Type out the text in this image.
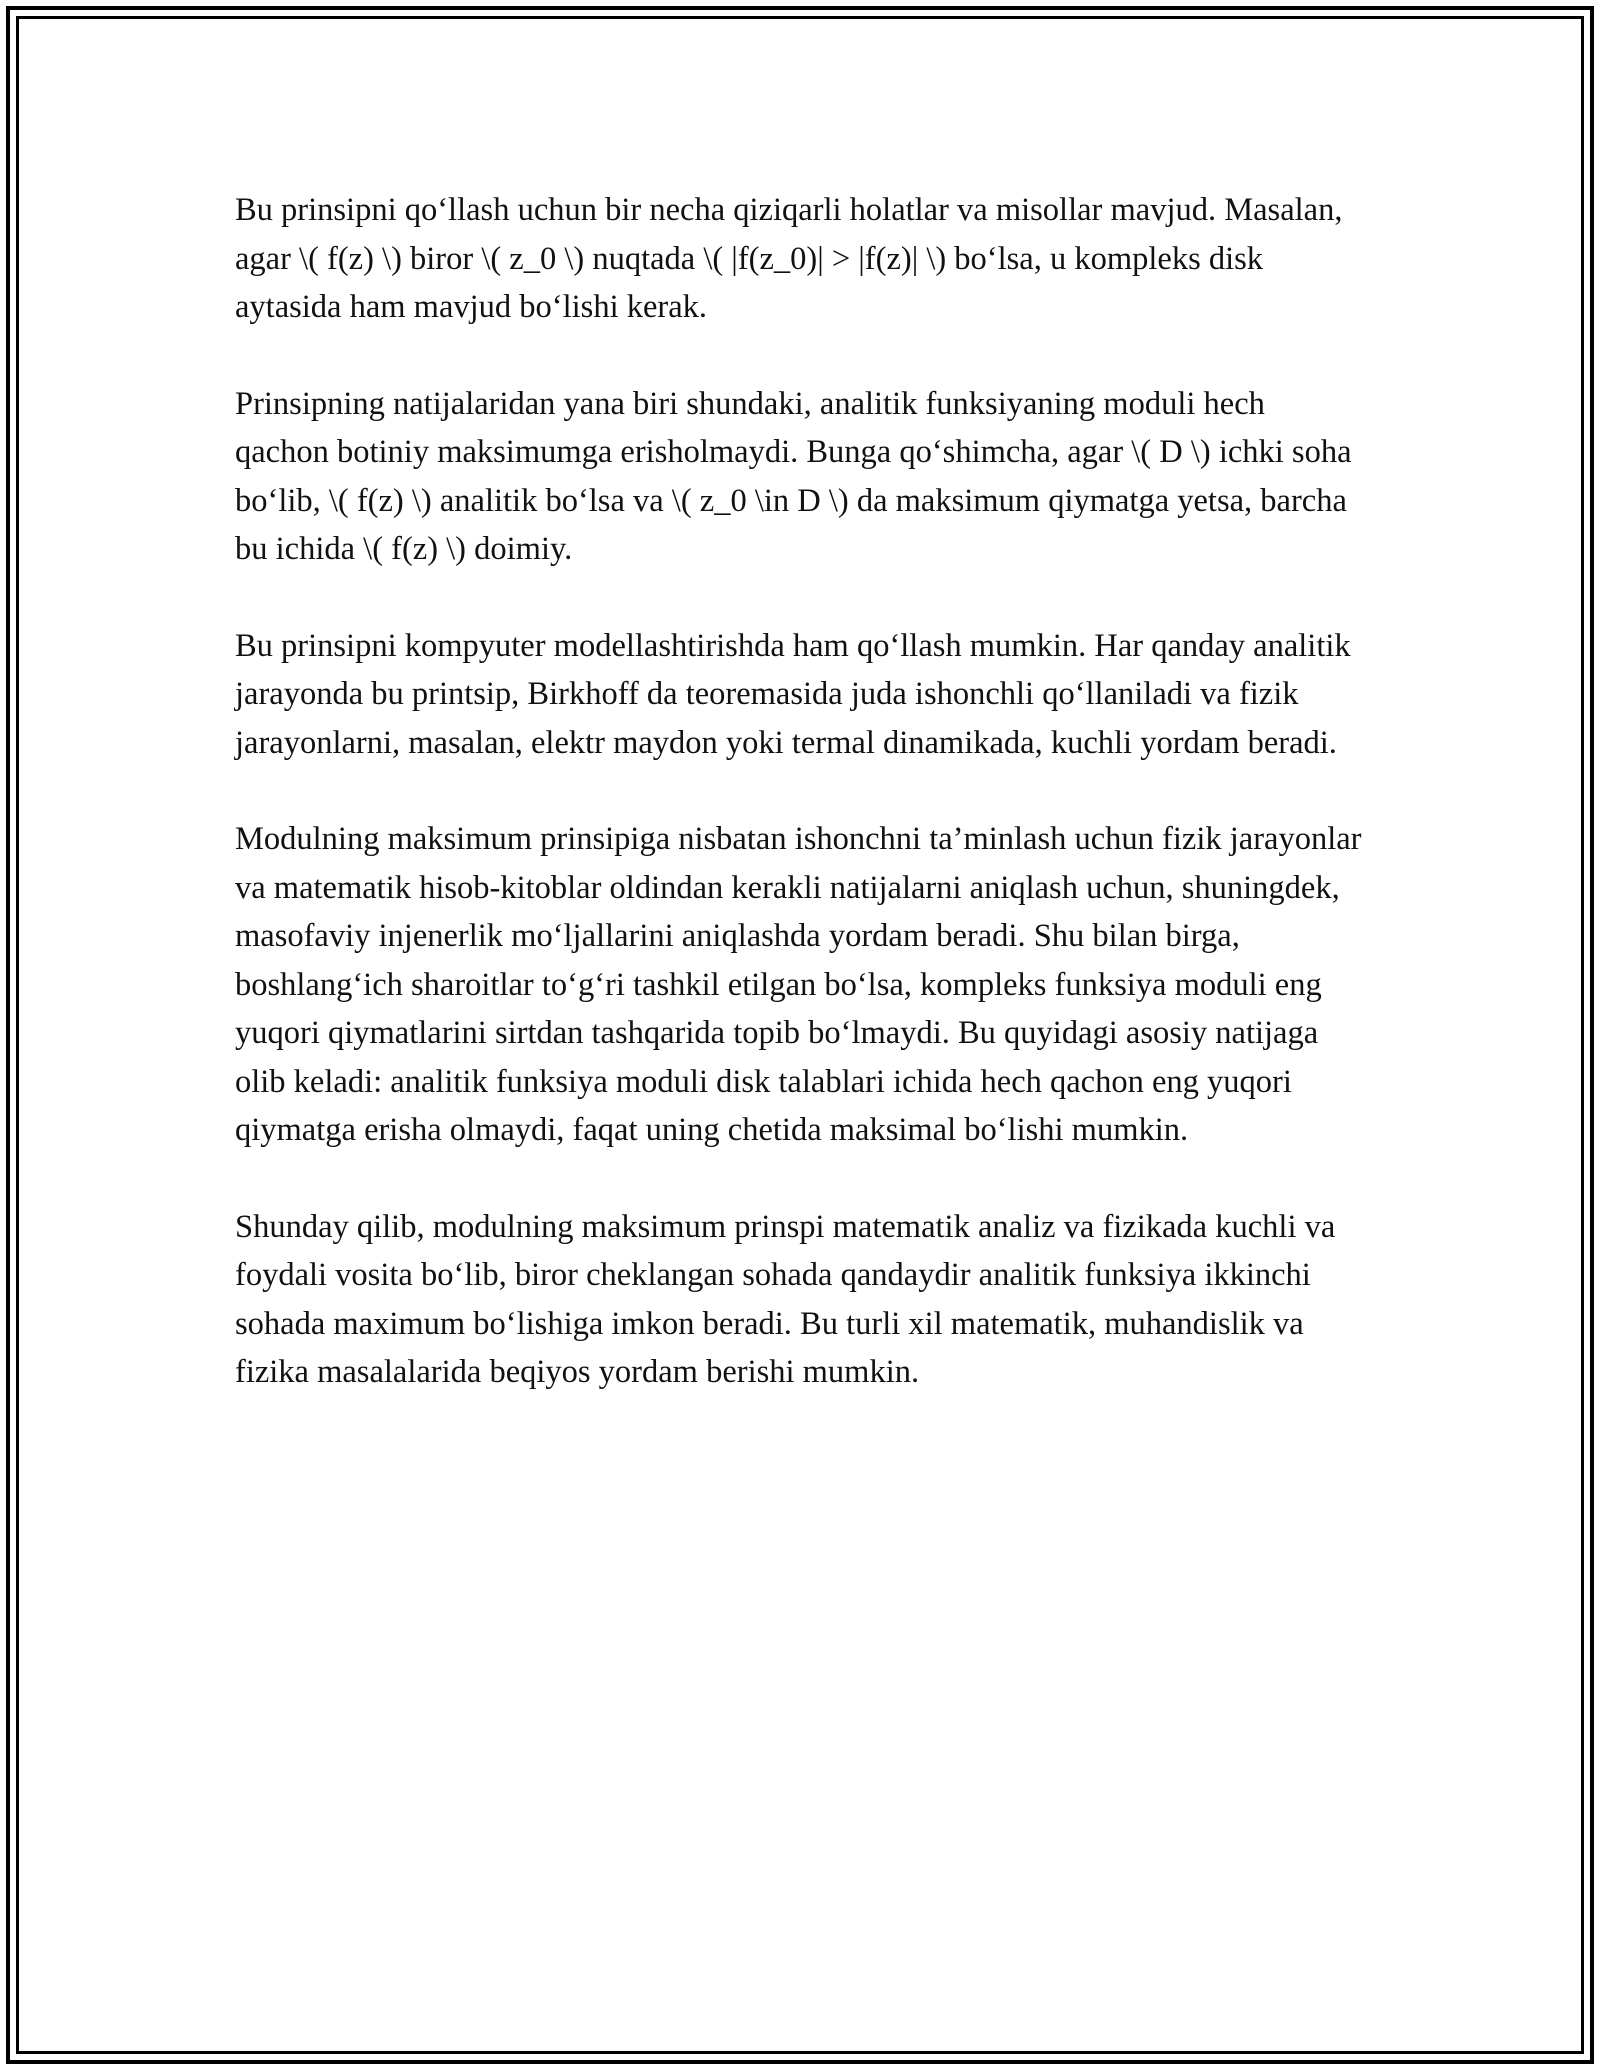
Bu prinsipni qo‘llash uchun bir necha qiziqarli holatlar va misollar mavjud. Masalan, agar \( f(z) \) biror \( z_0 \) nuqtada \( |f(z_0)| > |f(z)| \) bo‘lsa, u kompleks disk aytasida ham mavjud bo‘lishi kerak.

Prinsipning natijalaridan yana biri shundaki, analitik funksiyaning moduli hech qachon botiniy maksimumga erisholmaydi. Bunga qo‘shimcha, agar \( D \) ichki soha bo‘lib, \( f(z) \) analitik bo‘lsa va \( z_0 \in D \) da maksimum qiymatga yetsa, barcha bu ichida \( f(z) \) doimiy.

Bu prinsipni kompyuter modellashtirishda ham qo‘llash mumkin. Har qanday analitik jarayonda bu printsip, Birkhoff da teoremasida juda ishonchli qo‘llaniladi va fizik jarayonlarni, masalan, elektr maydon yoki termal dinamikada, kuchli yordam beradi.

Modulning maksimum prinsipiga nisbatan ishonchni ta’minlash uchun fizik jarayonlar va matematik hisob-kitoblar oldindan kerakli natijalarni aniqlash uchun, shuningdek, masofaviy injenerlik mo‘ljallarini aniqlashda yordam beradi. Shu bilan birga, boshlang‘ich sharoitlar to‘g‘ri tashkil etilgan bo‘lsa, kompleks funksiya moduli eng yuqori qiymatlarini sirtdan tashqarida topib bo‘lmaydi. Bu quyidagi asosiy natijaga olib keladi: analitik funksiya moduli disk talablari ichida hech qachon eng yuqori qiymatga erisha olmaydi, faqat uning chetida maksimal bo‘lishi mumkin.

Shunday qilib, modulning maksimum prinspi matematik analiz va fizikada kuchli va foydali vosita bo‘lib, biror cheklangan sohada qandaydir analitik funksiya ikkinchi sohada maximum bo‘lishiga imkon beradi. Bu turli xil matematik, muhandislik va fizika masalalarida beqiyos yordam berishi mumkin.
